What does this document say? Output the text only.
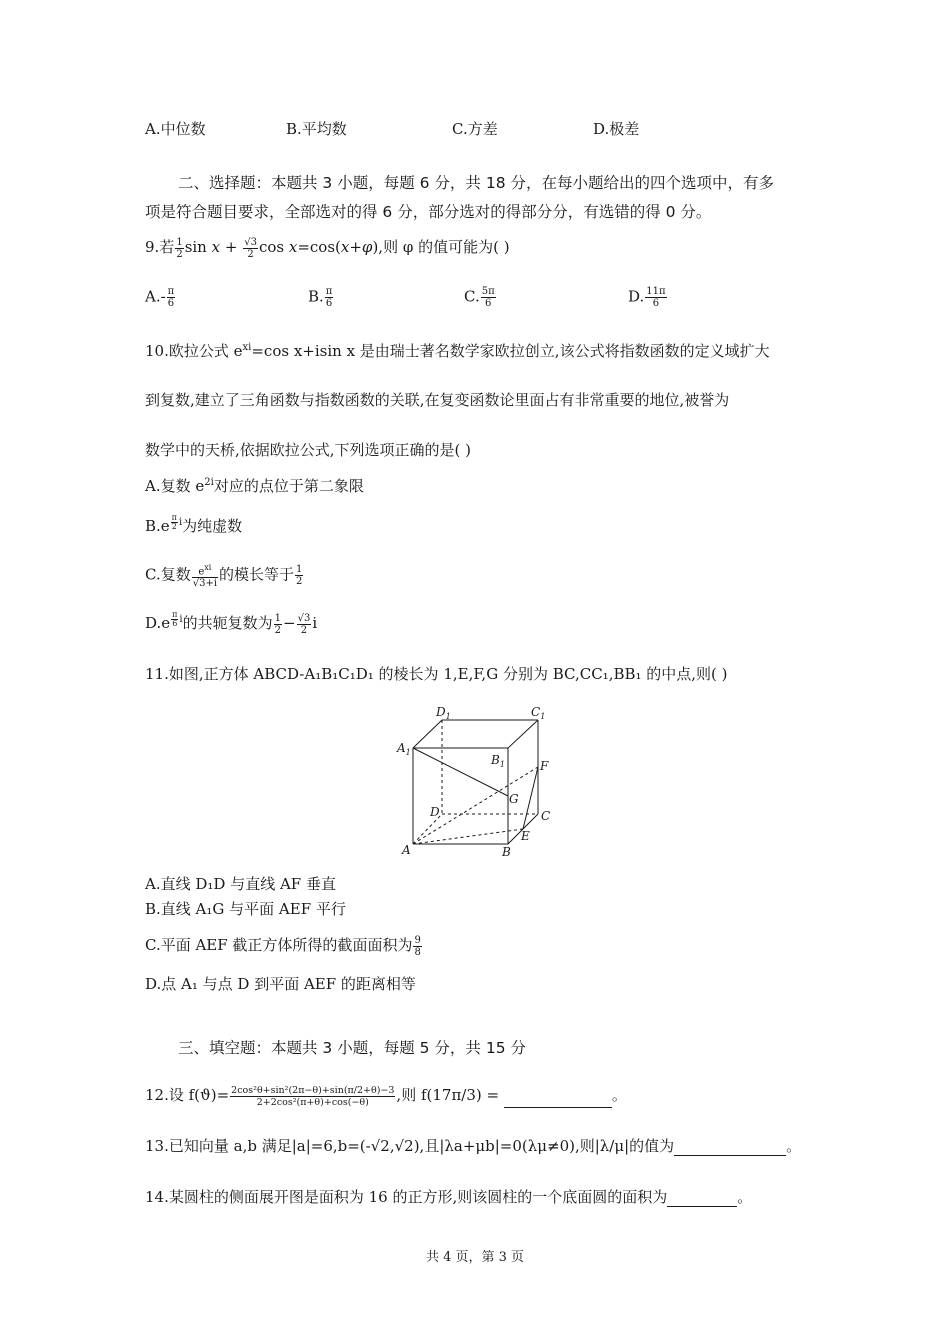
A.中位数	B.平均数	C.方差	D.极差
二、选择题：本题共 3 小题，每题 6 分，共 18 分，在每小题给出的四个选项中，有多
项是符合题目要求，全部选对的得 6 分，部分选对的得部分分，有选错的得 0 分。
9.若 $\frac{1}{2}$ $\sin x + \frac{√3}{2}$ cos x=cos(x+φ),则 φ 的值可能为( )
$A.- \frac{\pi}{6}$	B. $\frac{\pi}{6}$	C. $\frac{5\pi}{6}$	D. $\frac{11\pi}{6}$
10.欧拉公式 $e^{xi}=\cos$ x+isin x 是由瑞士著名数学家欧拉创立,该公式将指数函数的定义域扩大
到复数,建立了三角函数与指数函数的关联,在复变函数论里面占有非常重要的地位,被誉为
数学中的天桥,依据欧拉公式,下列选项正确的是( )
A.复数 $e^{2i}$对应的点位于第二象限
B.e $^{\frac{\pi}{2} i}$为纯虚数
C.复数 $\frac{e^{xi}}{√3+i}$ 的模长等于 $\frac{1}{2}$
D.e $^{\frac{\pi}{6} i}$的共轭复数为 $\frac{1}{2} - \frac{√3}{2}$ i
11.如图,正方体 ABCD-A₁B₁C₁D₁ 的棱长为 1,E,F,G 分别为 BC,CC₁,BB₁ 的中点,则( )
$D_1$	$C_1$
$A_1$
$B_1$	F
G
D	C
E
A	B
A.直线 D₁D 与直线 AF 垂直
B.直线 A₁G 与平面 AEF 平行
C.平面 AEF 截正方体所得的截面面积为 $\frac{9}{8}$
D.点 A₁ 与点 D 到平面 AEF 的距离相等
三、填空题：本题共 3 小题，每题 5 分，共 15 分
12.设 $f(ϑ)= \frac{\text{2cos²θ+sin²(2π−θ)+sin(π/2+θ)−3}}{\text{2+2cos²(π+θ)+cos(−θ)}}$ ,则 f(17π/3) =	。
13.已知向量 a,b 满足|a|=6,b=(-√2,√2),且|λa+μb|=0(λμ≠0),则|λ/μ|的值为	。
14.某圆柱的侧面展开图是面积为 16 的正方形,则该圆柱的一个底面圆的面积为	。
共 4 页，第 3 页
